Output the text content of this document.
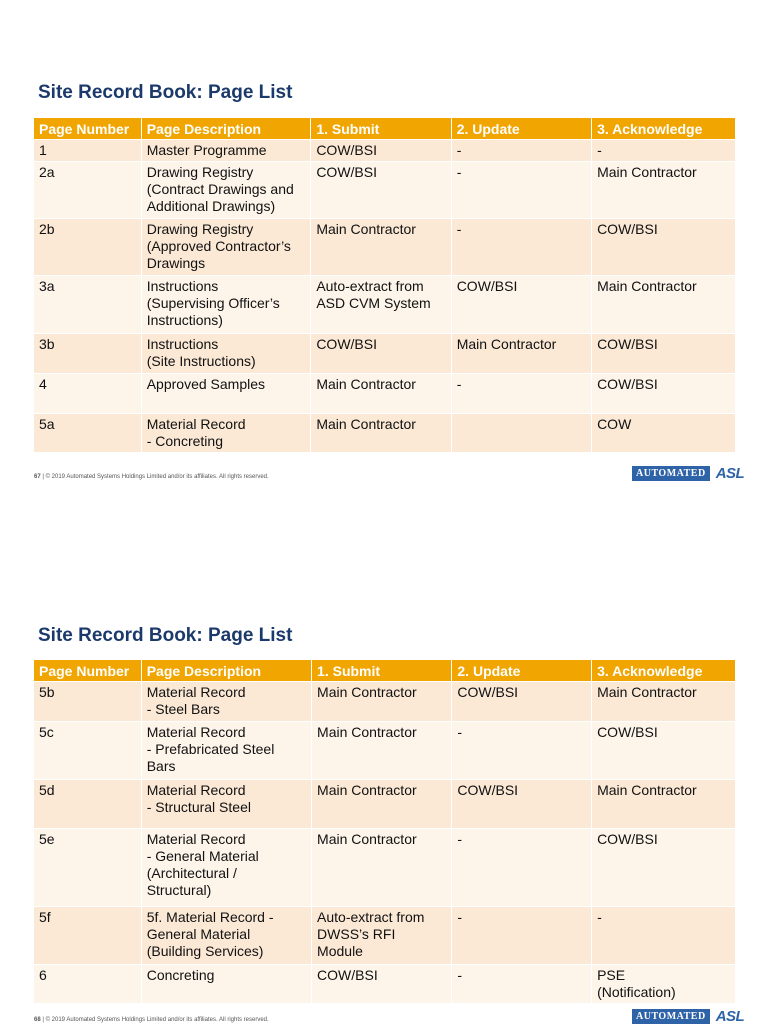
Site Record Book: Page List
Page Number	Page Description	1. Submit	2. Update	3. Acknowledge
1	Master Programme	COW/BSI	-	-
2a	Drawing Registry
(Contract Drawings and
Additional Drawings)	COW/BSI	-	Main Contractor
2b	Drawing Registry
(Approved Contractor’s
Drawings	Main Contractor	-	COW/BSI
3a	Instructions
(Supervising Officer’s
Instructions)	Auto-extract from
ASD CVM System	COW/BSI	Main Contractor
3b	Instructions
(Site Instructions)	COW/BSI	Main Contractor	COW/BSI
4	Approved Samples	Main Contractor	-	COW/BSI
5a	Material Record
- Concreting	Main Contractor		COW
67 | © 2019 Automated Systems Holdings Limited and/or its affiliates. All rights reserved.	AUTOMATED ASL
Site Record Book: Page List
Page Number	Page Description	1. Submit	2. Update	3. Acknowledge
5b	Material Record
- Steel Bars	Main Contractor	COW/BSI	Main Contractor
5c	Material Record
- Prefabricated Steel
Bars	Main Contractor	-	COW/BSI
5d	Material Record
- Structural Steel	Main Contractor	COW/BSI	Main Contractor
5e	Material Record
- General Material
(Architectural /
Structural)	Main Contractor	-	COW/BSI
5f	5f. Material Record -
General Material
(Building Services)	Auto-extract from
DWSS’s RFI
Module	-	-
6	Concreting	COW/BSI	-	PSE
(Notification)
68 | © 2019 Automated Systems Holdings Limited and/or its affiliates. All rights reserved.	AUTOMATED ASL
